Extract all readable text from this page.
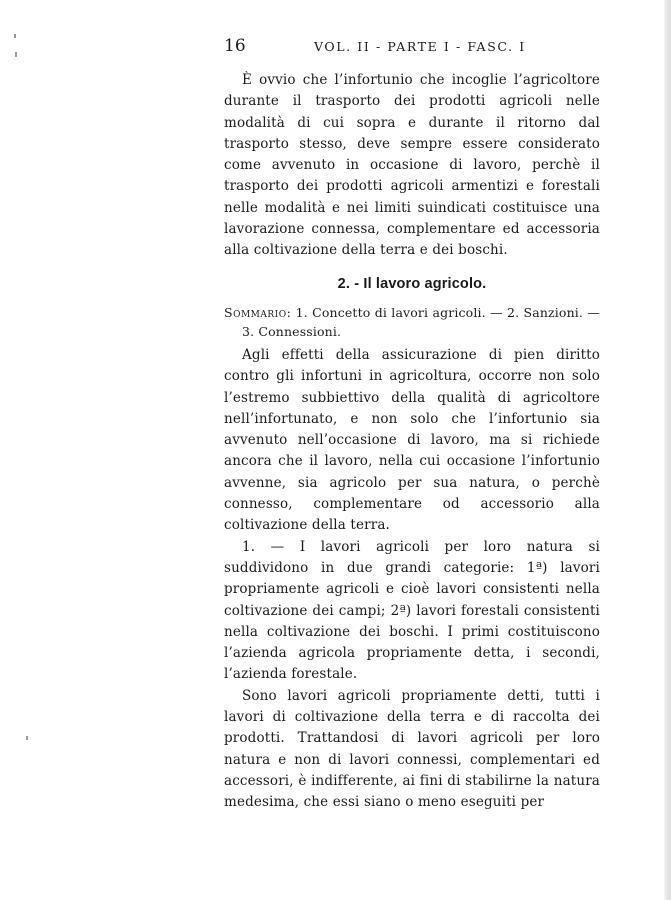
16	VOL. II - PARTE I - FASC. I

È ovvio che l’infortunio che incoglie l’agricoltore durante il trasporto dei prodotti agricoli nelle modalità di cui sopra e durante il ritorno dal trasporto stesso, deve sempre essere considerato come avvenuto in occasione di lavoro, perchè il trasporto dei prodotti agricoli armentizi e forestali nelle modalità e nei limiti suindicati costituisce una lavorazione connessa, complementare ed accessoria alla coltivazione della terra e dei boschi.

2. - Il lavoro agricolo.

Sommario: 1. Concetto di lavori agricoli. — 2. Sanzioni. — 3. Connessioni.

Agli effetti della assicurazione di pien diritto contro gli infortuni in agricoltura, occorre non solo l’estremo subbiettivo della qualità di agricoltore nell’infortunato, e non solo che l’infortunio sia avvenuto nell’occasione di lavoro, ma si richiede ancora che il lavoro, nella cui occasione l’infortunio avvenne, sia agricolo per sua natura, o perchè connesso, complementare od accessorio alla coltivazione della terra.

1. — I lavori agricoli per loro natura si suddividono in due grandi categorie: 1ª) lavori propriamente agricoli e cioè lavori consistenti nella coltivazione dei campi; 2ª) lavori forestali consistenti nella coltivazione dei boschi. I primi costituiscono l’azienda agricola propriamente detta, i secondi, l’azienda forestale.

Sono lavori agricoli propriamente detti, tutti i lavori di coltivazione della terra e di raccolta dei prodotti. Trattandosi di lavori agricoli per loro natura e non di lavori connessi, complementari ed accessori, è indifferente, ai fini di stabilirne la natura medesima, che essi siano o meno eseguiti per
